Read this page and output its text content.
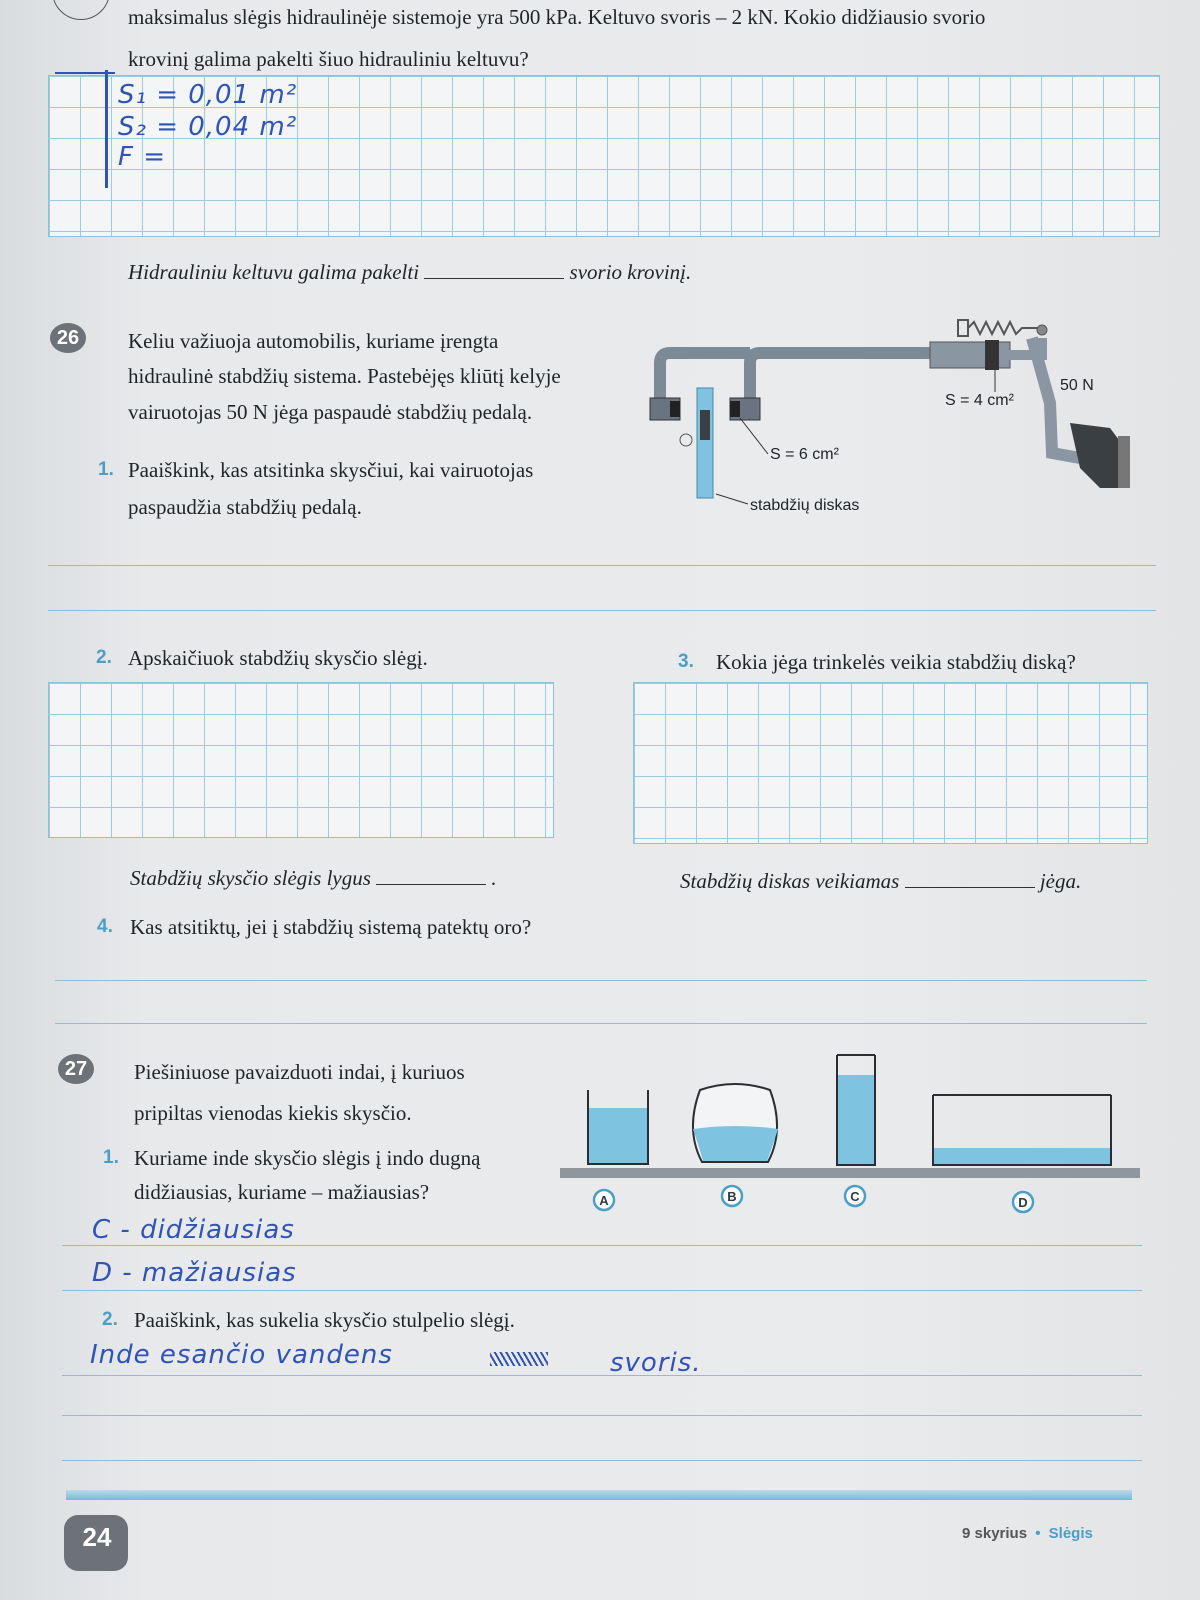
maksimalus slėgis hidraulinėje sistemoje yra 500 kPa. Keltuvo svoris – 2 kN. Kokio didžiausio svorio
krovinį galima pakelti šiuo hidrauliniu keltuvu?
S₁ = 0,01 m²
S₂ = 0,04 m²
F =
Hidrauliniu keltuvu galima pakelti	svorio krovinį.
26	Keliu važiuoja automobilis, kuriame įrengta
hidraulinė stabdžių sistema. Pastebėjęs kliūtį kelyje
vairuotojas 50 N jėga paspaudė stabdžių pedalą.
1. Paaiškink, kas atsitinka skysčiui, kai vairuotojas
paspaudžia stabdžių pedalą.
50 N
S = 4 cm²
S = 6 cm²
stabdžių diskas
2. Apskaičiuok stabdžių skysčio slėgį.	3. Kokia jėga trinkelės veikia stabdžių diską?
Stabdžių skysčio slėgis lygus	.	Stabdžių diskas veikiamas	jėga.
4. Kas atsitiktų, jei į stabdžių sistemą patektų oro?
27	Piešiniuose pavaizduoti indai, į kuriuos
pripiltas vienodas kiekis skysčio.
1. Kuriame inde skysčio slėgis į indo dugną
didžiausias, kuriame – mažiausias?	A	B	C	D
C - didžiausias
D - mažiausias
2. Paaiškink, kas sukelia skysčio stulpelio slėgį.
Inde esančio vandens	svoris.
24	9 skyrius • Slėgis
